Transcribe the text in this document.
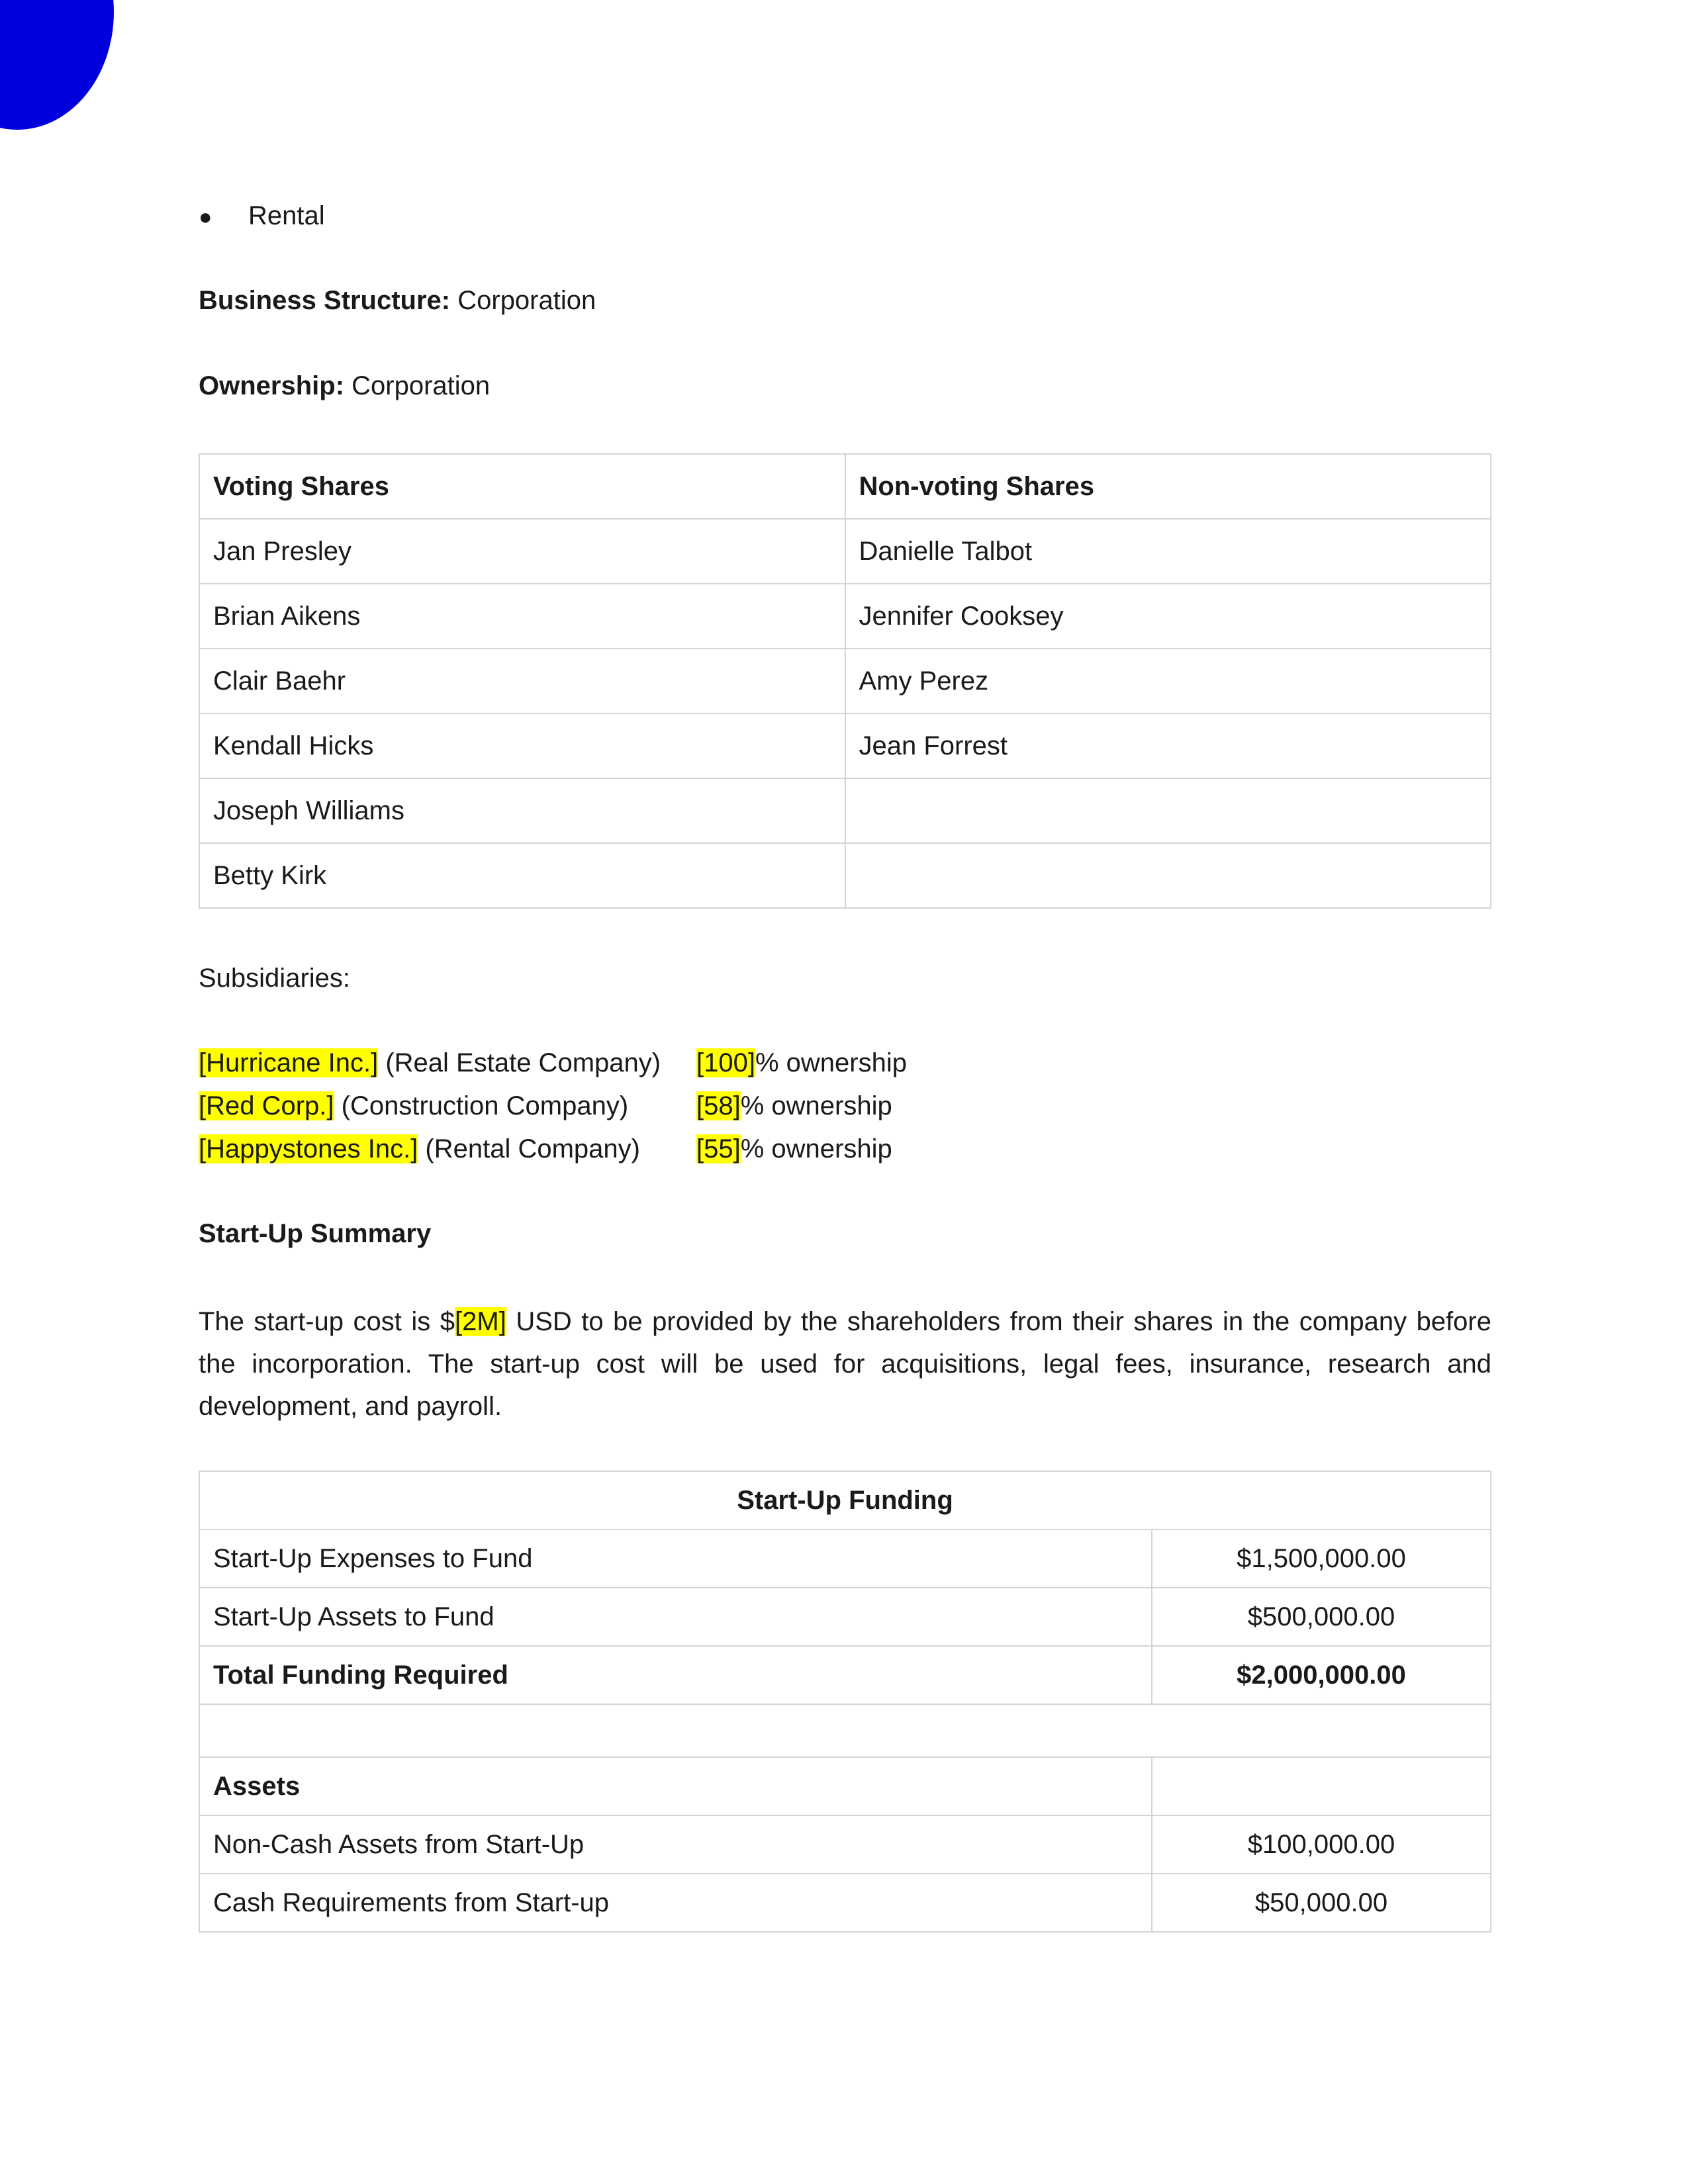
● Rental
Business Structure: Corporation
Ownership: Corporation
Voting Shares	Non-voting Shares
Jan Presley	Danielle Talbot
Brian Aikens	Jennifer Cooksey
Clair Baehr	Amy Perez
Kendall Hicks	Jean Forrest
Joseph Williams	
Betty Kirk	
Subsidiaries:
[Hurricane Inc.] (Real Estate Company) [100]% ownership
[Red Corp.] (Construction Company)	[58]% ownership
[Happystones Inc.] (Rental Company) [55]% ownership
Start-Up Summary
The start-up cost is $[2M] USD to be provided by the shareholders from their shares in the company before the incorporation. The start-up cost will be used for acquisitions, legal fees, insurance, research and development, and payroll.
Start-Up Funding	
Start-Up Expenses to Fund	$1,500,000.00
Start-Up Assets to Fund	$500,000.00
Total Funding Required	$2,000,000.00

Assets	
Non-Cash Assets from Start-Up	$100,000.00
Cash Requirements from Start-up	$50,000.00
